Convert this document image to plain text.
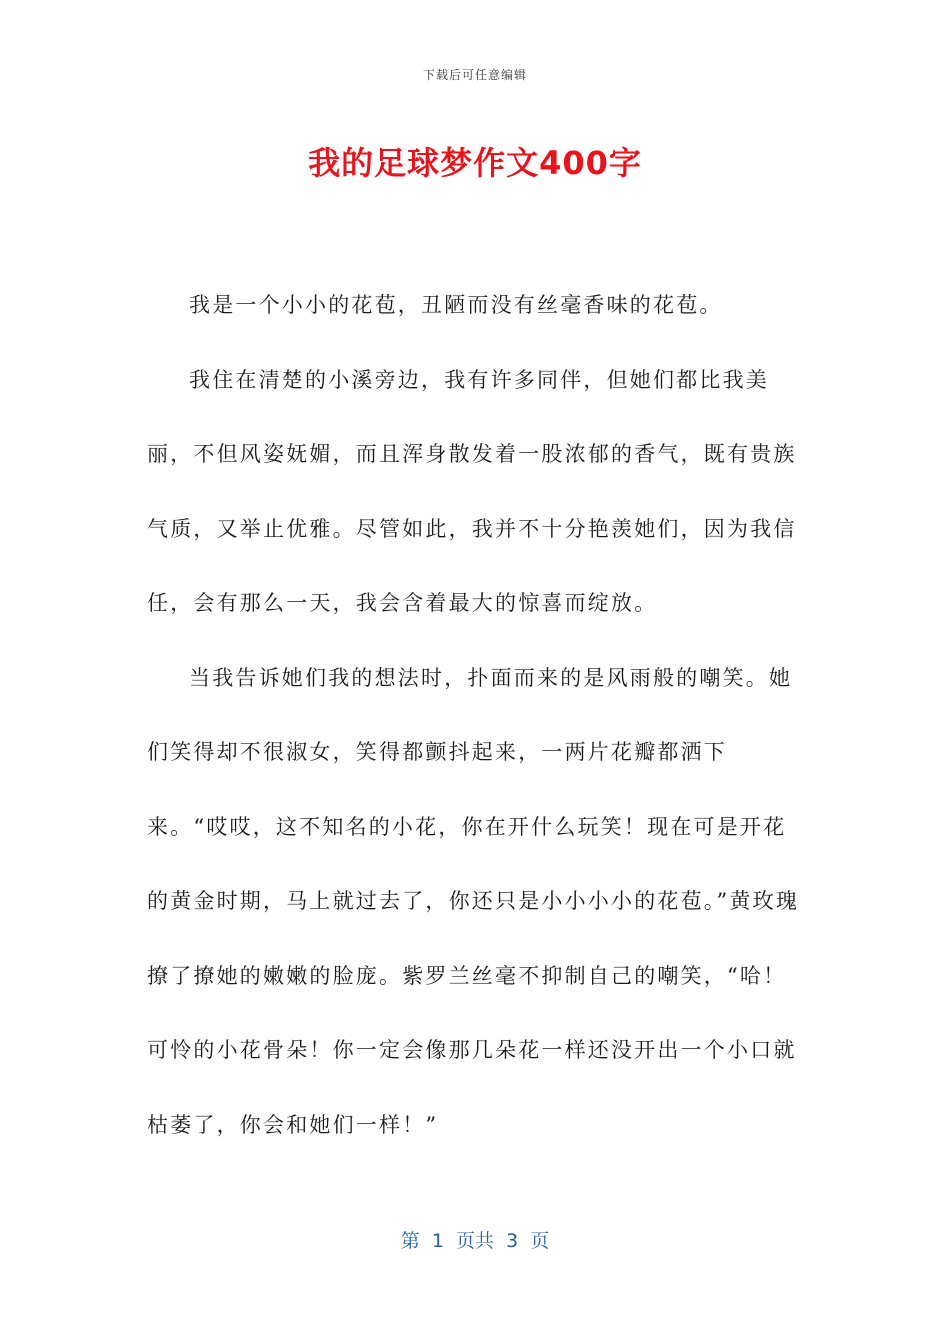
下载后可任意编辑
我的足球梦作文400字

我是一个小小的花苞，丑陋而没有丝毫香味的花苞。

我住在清楚的小溪旁边，我有许多同伴，但她们都比我美丽，不但风姿妩媚，而且浑身散发着一股浓郁的香气，既有贵族气质，又举止优雅。尽管如此，我并不十分艳羡她们，因为我信任，会有那么一天，我会含着最大的惊喜而绽放。

当我告诉她们我的想法时，扑面而来的是风雨般的嘲笑。她们笑得却不很淑女，笑得都颤抖起来，一两片花瓣都洒下来。“哎哎，这不知名的小花，你在开什么玩笑！现在可是开花的黄金时期，马上就过去了，你还只是小小小小的花苞。”黄玫瑰撩了撩她的嫩嫩的脸庞。紫罗兰丝毫不抑制自己的嘲笑，“哈！可怜的小花骨朵！你一定会像那几朵花一样还没开出一个小口就枯萎了，你会和她们一样！”

第  1  页共  3  页
